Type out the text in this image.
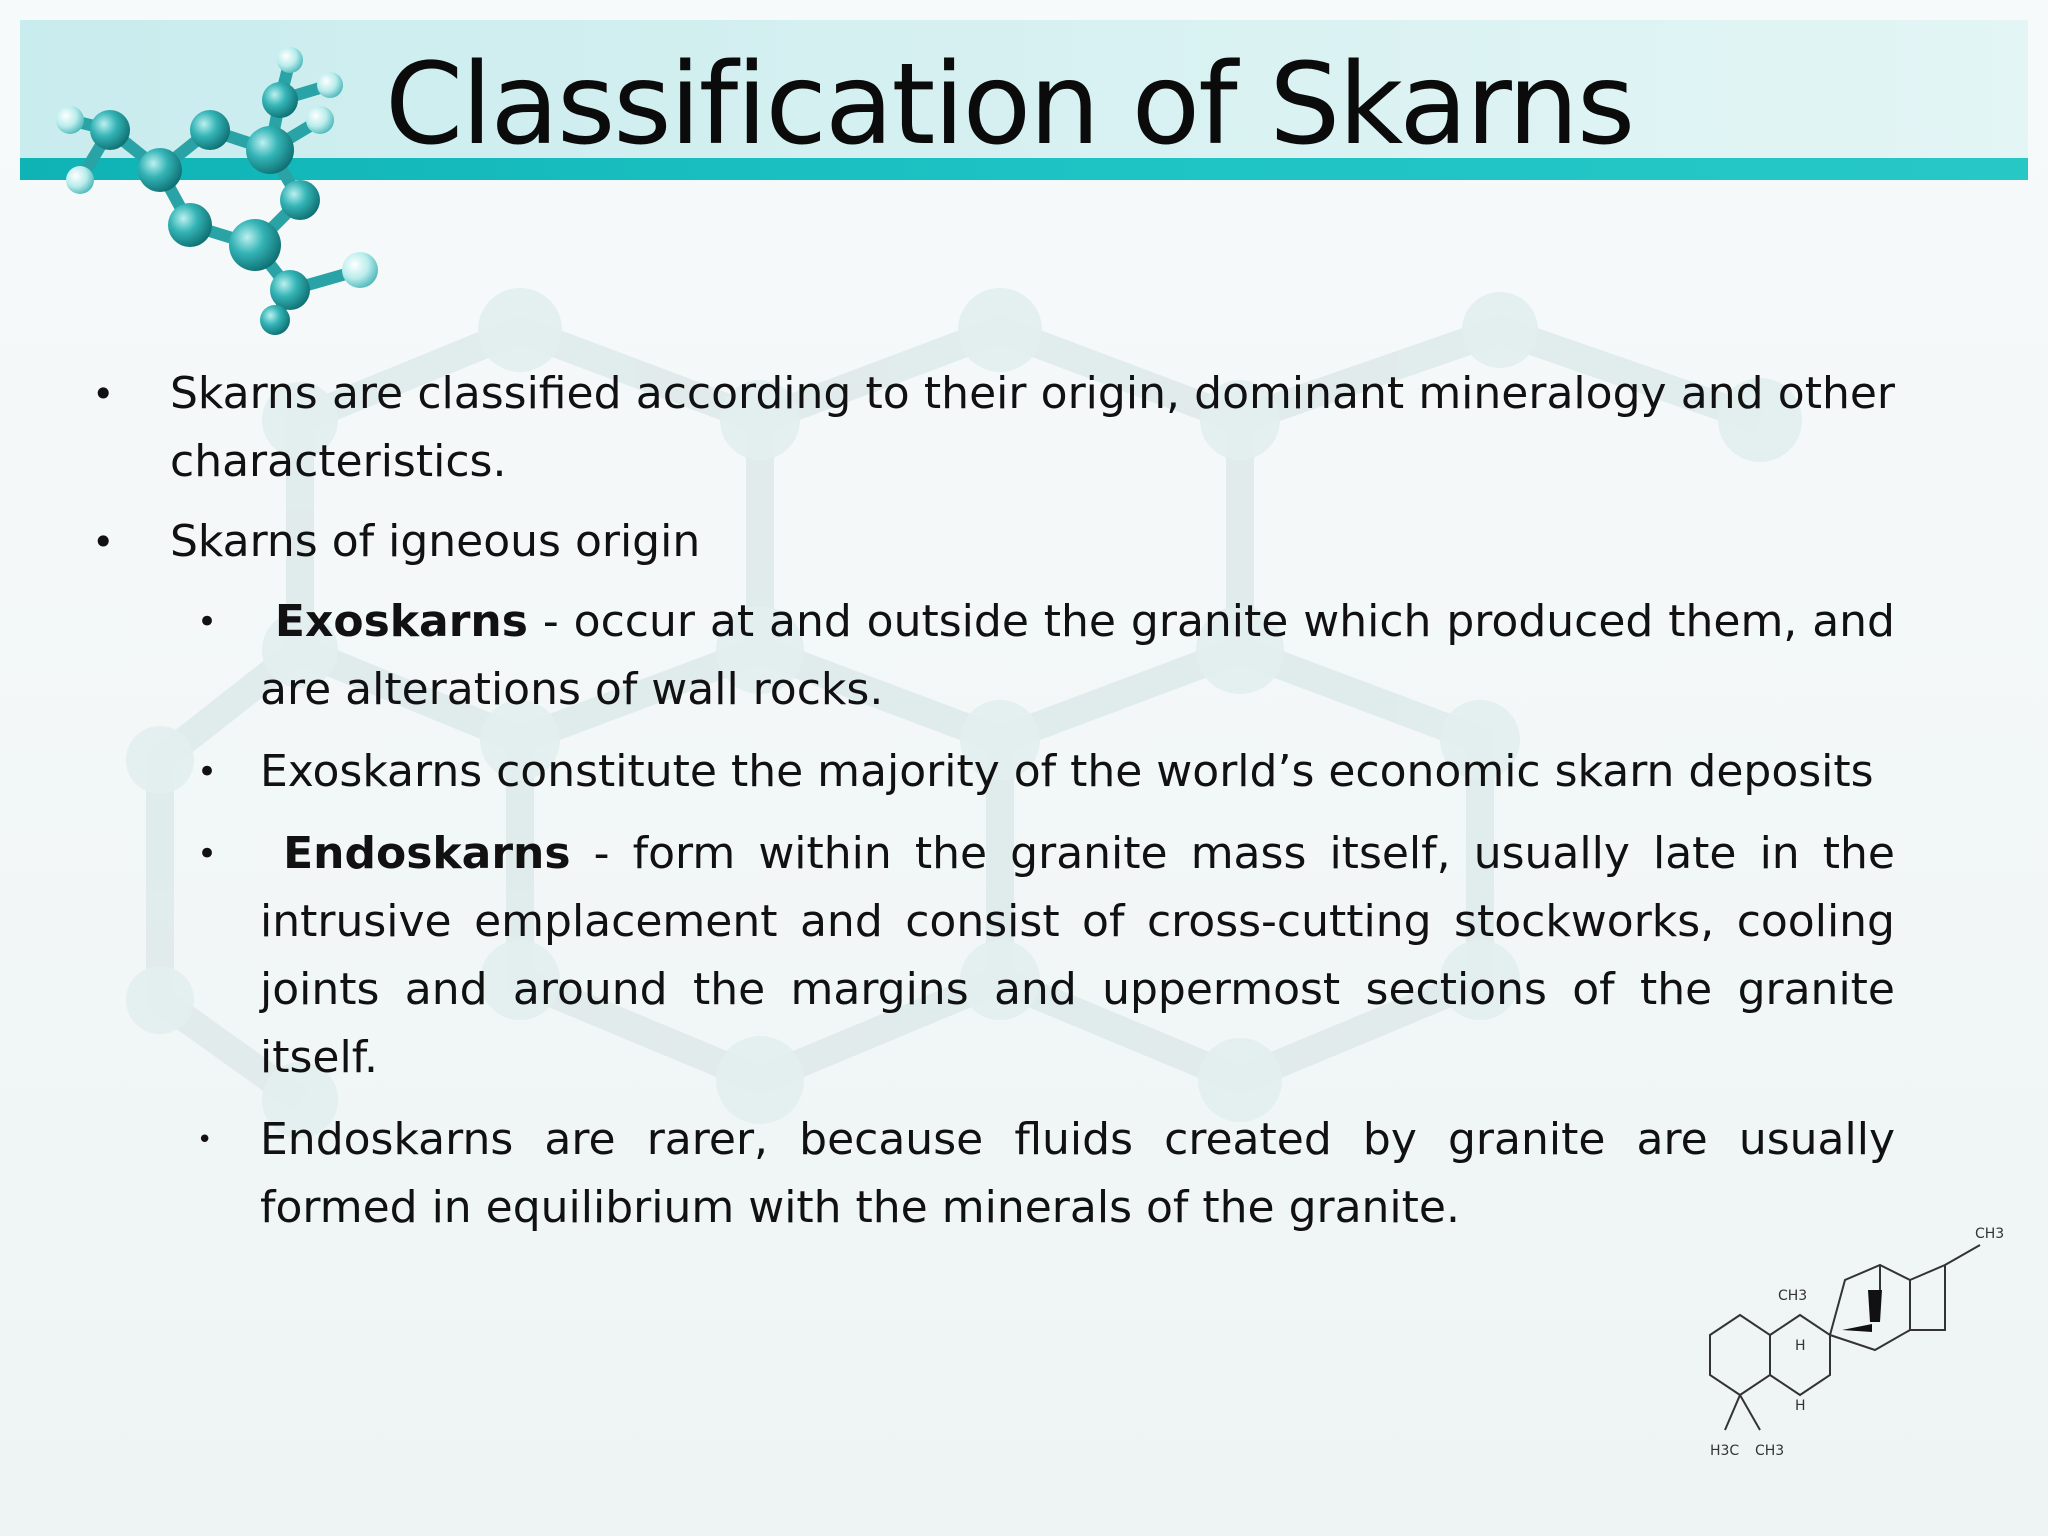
Classification of Skarns
• Skarns are classified according to their origin, dominant mineralogy and other characteristics.
• Skarns of igneous origin
• Exoskarns - occur at and outside the granite which produced them, and are alterations of wall rocks.
• Exoskarns constitute the majority of the world’s economic skarn deposits
• Endoskarns - form within the granite mass itself, usually late in the intrusive emplacement and consist of cross-cutting stockworks, cooling joints and around the margins and uppermost sections of the granite itself.
• Endoskarns are rarer, because fluids created by granite are usually formed in equilibrium with the minerals of the granite.
CH3
H3C CH3
CH3
H
H
